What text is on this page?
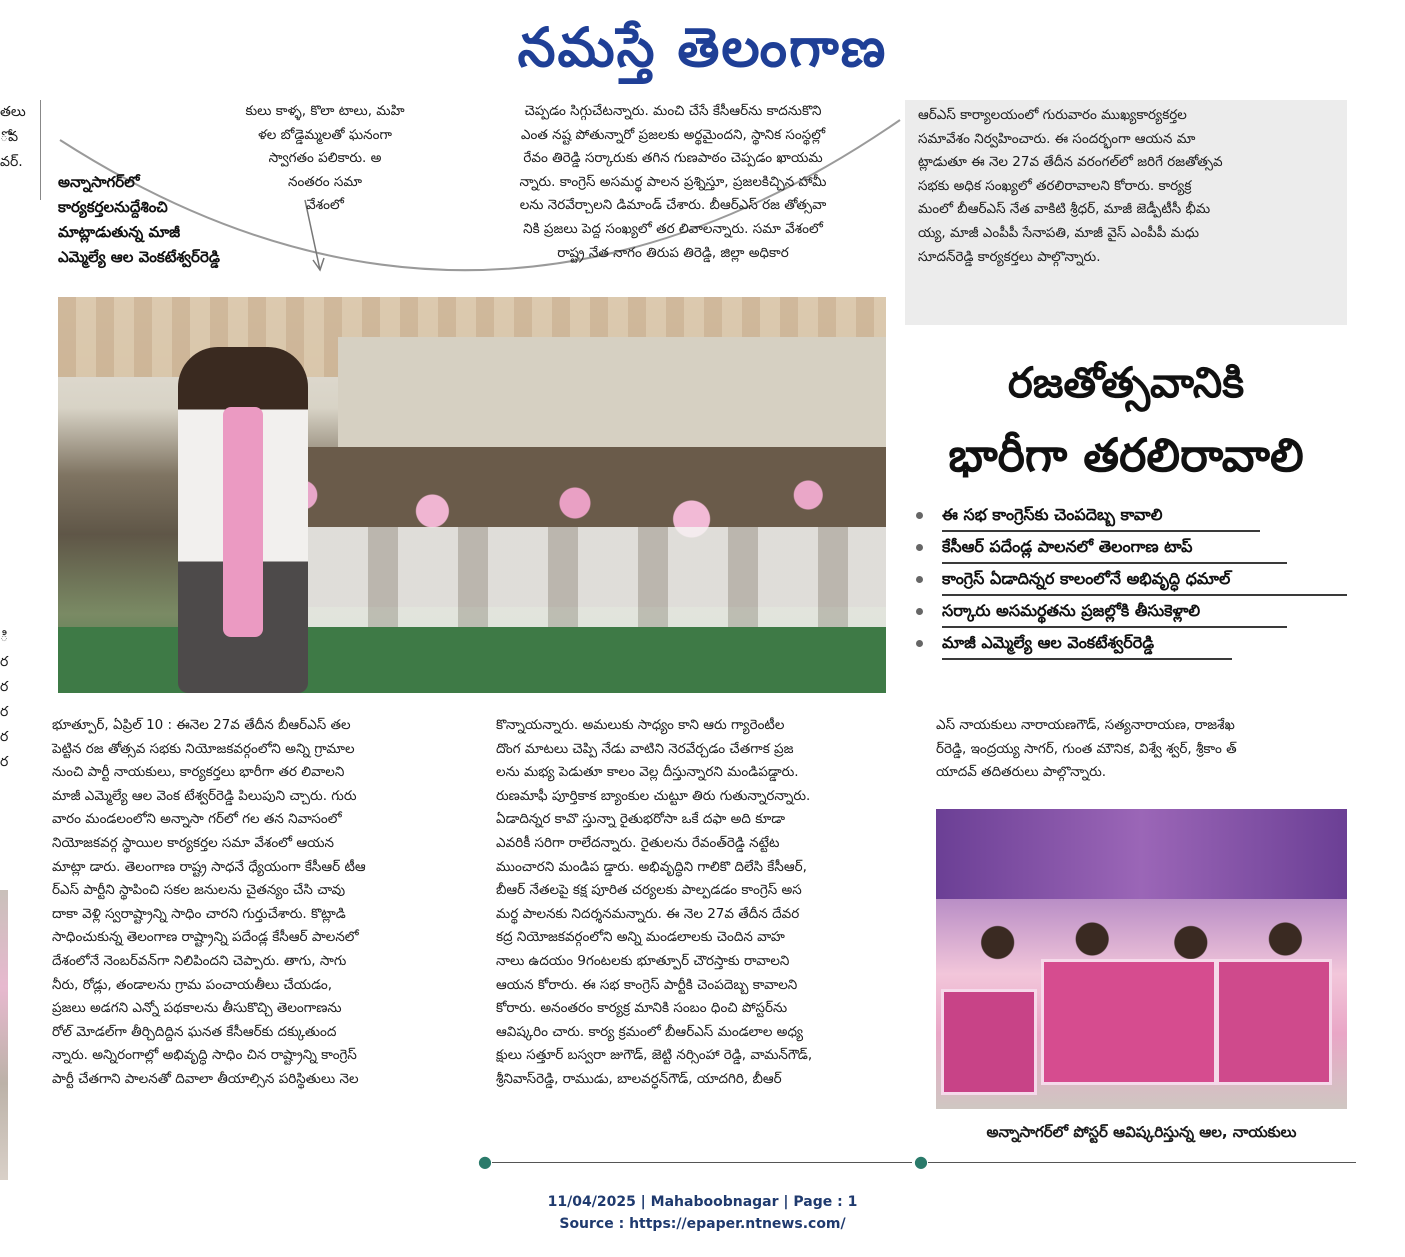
నమస్తే తెలంగాణ
తలు
ోవ
వర్.
ి
ర
ర
ర
ర
ర
కులు కాళ్ళ, కొలా టాలు, మహి
ళల బోడ్డెమ్మలతో ఘనంగా
స్వాగతం పలికారు. అ
నంతరం సమా
వేశంలో
చెప్పడం సిగ్గుచేటన్నారు. మంచి చేసే కేసీఆర్‌ను కాదనుకొని
ఎంత నష్ట పోతున్నారో ప్రజలకు అర్థమైందని, స్థానిక సంస్థల్లో
రేవం తిరెడ్డి సర్కారుకు తగిన గుణపాఠం చెప్పడం ఖాయమ
న్నారు. కాంగ్రెస్ అసమర్థ పాలన ప్రశ్నిస్తూ, ప్రజలకిచ్చిన హామీ
లను నెరవేర్చాలని డిమాండ్ చేశారు. బీఆర్‌ఎస్ రజ తోత్సవా
నికి ప్రజలు పెద్ద సంఖ్యలో తర లివాలన్నారు. సమా వేశంలో
రాష్ట్ర నేత నాగం తిరుప తిరెడ్డి, జిల్లా అధికార
ఆర్‌ఎస్ కార్యాలయంలో గురువారం ముఖ్యకార్యకర్తల
సమావేశం నిర్వహించారు. ఈ సందర్భంగా ఆయన మా
ట్లాడుతూ ఈ నెల 27వ తేదీన వరంగల్‌లో జరిగే రజతోత్సవ
సభకు అధిక సంఖ్యలో తరలిరావాలని కోరారు. కార్యక్ర
మంలో బీఆర్‌ఎస్ నేత వాకిటి శ్రీధర్, మాజీ జెడ్పీటీసీ భీమ
య్య, మాజీ ఎంపీపీ సేనాపతి, మాజీ వైస్ ఎంపీపీ మధు
సూదన్‌రెడ్డి కార్యకర్తలు పాల్గొన్నారు.
అన్నాసాగర్‌లో
కార్యకర్తలనుద్దేశించి
మాట్లాడుతున్న మాజీ
ఎమ్మెల్యే ఆల వెంకటేశ్వర్‌రెడ్డి
రజతోత్సవానికి
భారీగా తరలిరావాలి
ఈ సభ కాంగ్రెస్‌కు చెంపదెబ్బ కావాలి
కేసీఆర్ పదేండ్ల పాలనలో తెలంగాణ టాప్
కాంగ్రెస్ ఏడాదిన్నర కాలంలోనే అభివృద్ధి ధమాల్
సర్కారు అసమర్థతను ప్రజల్లోకి తీసుకెళ్లాలి
మాజీ ఎమ్మెల్యే ఆల వెంకటేశ్వర్‌రెడ్డి
భూత్పూర్, ఏప్రిల్ 10 : ఈనెల 27వ తేదీన బీఆర్‌ఎస్ తల
పెట్టిన రజ తోత్సవ సభకు నియోజకవర్గంలోని అన్ని గ్రామాల
నుంచి పార్టీ నాయకులు, కార్యకర్తలు భారీగా తర లివాలని
మాజీ ఎమ్మెల్యే ఆల వెంక టేశ్వర్‌రెడ్డి పిలుపుని చ్చారు. గురు
వారం మండలంలోని అన్నాసా గర్‌లో గల తన నివాసంలో
నియోజకవర్గ స్థాయిల కార్యకర్తల సమా వేశంలో ఆయన
మాట్లా డారు. తెలంగాణ రాష్ట్ర సాధనే ధ్యేయంగా కేసీఆర్ టీఆ
ర్‌ఎస్ పార్టీని స్థాపించి సకల జనులను చైతన్యం చేసి చావు
దాకా వెళ్లి స్వరాష్ట్రాన్ని సాధిం చారని గుర్తుచేశారు. కొట్లాడి
సాధించుకున్న తెలంగాణ రాష్ట్రాన్ని పదేండ్ల కేసీఆర్ పాలనలో
దేశంలోనే నెంబర్‌వన్‌గా నిలిపిందని చెప్పారు. తాగు, సాగు
నీరు, రోడ్లు, తండాలను గ్రామ పంచాయతీలు చేయడం,
ప్రజలు అడగని ఎన్నో పథకాలను తీసుకొచ్చి తెలంగాణను
రోల్ మోడల్‌గా తీర్చిదిద్దిన ఘనత కేసీఆర్‌కు దక్కుతుంద
న్నారు. అన్నిరంగాల్లో అభివృద్ధి సాధిం చిన రాష్ట్రాన్ని కాంగ్రెస్
పార్టీ చేతగాని పాలనతో దివాలా తీయాల్సిన పరిస్థితులు నెల
కొన్నాయన్నారు. అమలుకు సాధ్యం కాని ఆరు గ్యారెంటీల
దొంగ మాటలు చెప్పి నేడు వాటిని నెరవేర్చడం చేతగాక ప్రజ
లను మభ్య పెడుతూ కాలం వెల్ల దీస్తున్నారని మండిపడ్డారు.
రుణమాఫీ పూర్తికాక బ్యాంకుల చుట్టూ తిరు గుతున్నారన్నారు.
ఏడాదిన్నర కావొ స్తున్నా రైతుభరోసా ఒకే దఫా అది కూడా
ఎవరికీ సరిగా రాలేదన్నారు. రైతులను రేవంత్‌రెడ్డి నట్టేట
ముంచారని మండిప డ్డారు. అభివృద్ధిని గాలికొ దిలేసి కేసీఆర్,
బీఆర్ నేతలపై కక్ష పూరిత చర్యలకు పాల్పడడం కాంగ్రెస్ అస
మర్థ పాలనకు నిదర్శనమన్నారు. ఈ నెల 27వ తేదీన దేవర
కద్ర నియోజకవర్గంలోని అన్ని మండలాలకు చెందిన వాహ
నాలు ఉదయం 9గంటలకు భూత్పూర్ చౌరస్తాకు రావాలని
ఆయన కోరారు. ఈ సభ కాంగ్రెస్ పార్టీకి చెంపదెబ్బ కావాలని
కోరారు. అనంతరం కార్యక్ర మానికి సంబం ధించి పోస్టర్‌ను
ఆవిష్కరిం చారు. కార్య క్రమంలో బీఆర్‌ఎస్ మండలాల అధ్య
క్షులు సత్తూర్ బస్వరా జుగౌడ్, జెట్టి నర్సింహా రెడ్డి, వామన్‌గౌడ్,
శ్రీనివాస్‌రెడ్డి, రాముడు, బాలవర్ధన్‌గౌడ్, యాదగిరి, బీఆర్
ఎస్ నాయకులు నారాయణగౌడ్, సత్యనారాయణ, రాజశేఖ
ర్‌రెడ్డి, ఇంద్రయ్య సాగర్, గుంత మౌనిక, విశ్వే శ్వర్, శ్రీకాం త్
యాదవ్ తదితరులు పాల్గొన్నారు.
అన్నాసాగర్‌లో పోస్టర్ ఆవిష్కరిస్తున్న ఆల, నాయకులు
●	●
11/04/2025 | Mahaboobnagar | Page : 1
Source : https://epaper.ntnews.com/
